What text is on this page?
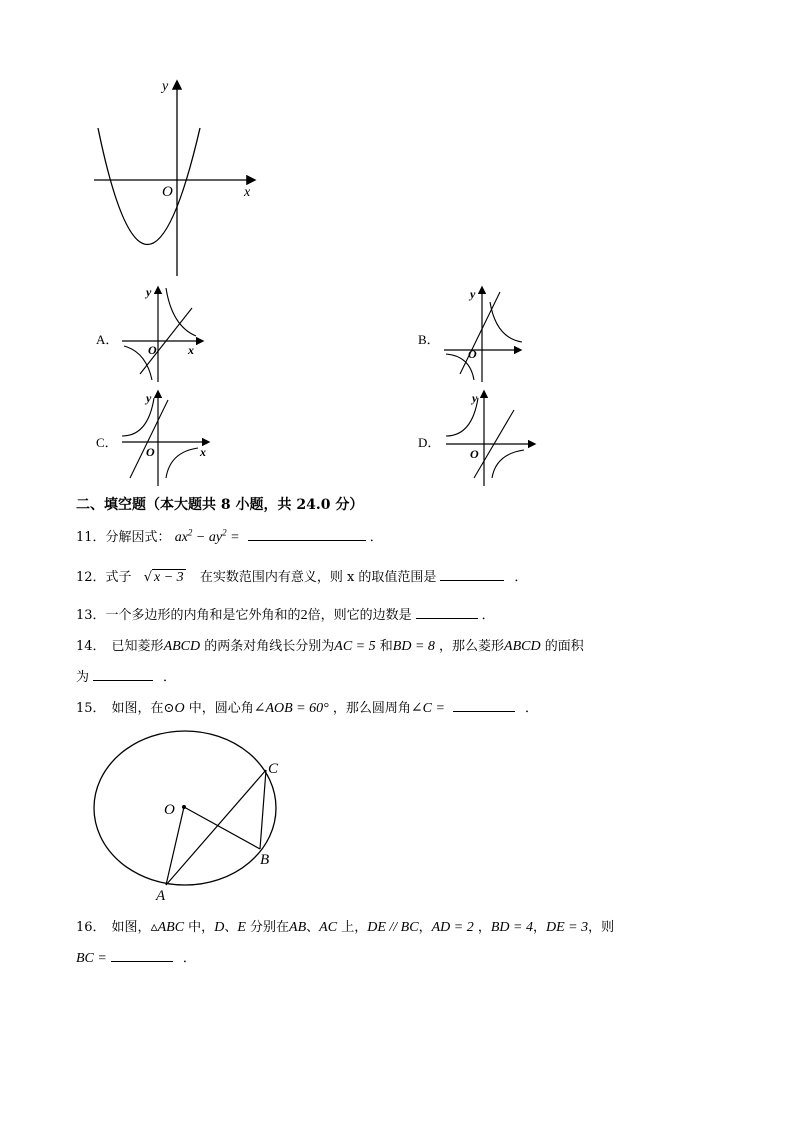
y
x
O
A．
y
x
O
B．
y
O
C．
y
x
O
D．
y
O
二、填空题（本大题共 8 小题，共 24.0 分）
11．分解因式： $ax^2 - ay^2$ =	．
12．式子 √ x − 3 在实数范围内有意义，则 x 的取值范围是	．
13．一个多边形的内角和是它外角和的2倍，则它的边数是	．
14． 已知菱形ABCD 的两条对角线长分别为AC = 5 和BD = 8 ，那么菱形ABCD 的面积
为	．
15． 如图，在⊙O 中，圆心角∠AOB = 60° ，那么圆周角∠C =	．
O
A
B
C
16． 如图，▵ABC 中，D、E 分别在AB、AC 上，DE // BC，AD = 2 ，BD = 4，DE = 3，则
BC =	．
